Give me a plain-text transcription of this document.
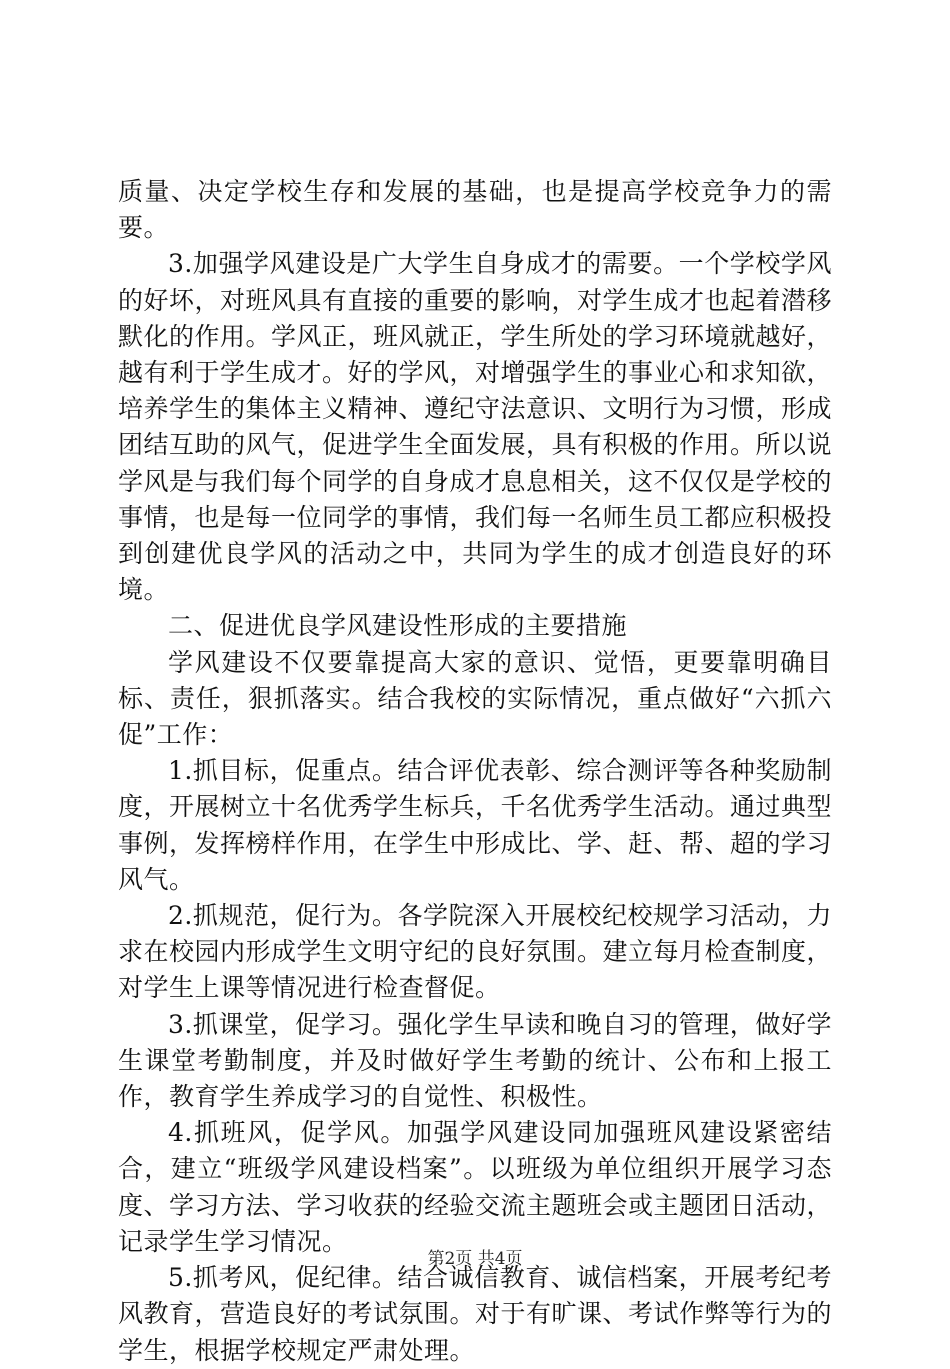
质量、决定学校生存和发展的基础，也是提高学校竞争力的需要。

3.加强学风建设是广大学生自身成才的需要。一个学校学风的好坏，对班风具有直接的重要的影响，对学生成才也起着潜移默化的作用。学风正，班风就正，学生所处的学习环境就越好，越有利于学生成才。好的学风，对增强学生的事业心和求知欲，培养学生的集体主义精神、遵纪守法意识、文明行为习惯，形成团结互助的风气，促进学生全面发展，具有积极的作用。所以说学风是与我们每个同学的自身成才息息相关，这不仅仅是学校的事情，也是每一位同学的事情，我们每一名师生员工都应积极投到创建优良学风的活动之中，共同为学生的成才创造良好的环境。

二、促进优良学风建设性形成的主要措施

学风建设不仅要靠提高大家的意识、觉悟，更要靠明确目标、责任，狠抓落实。结合我校的实际情况，重点做好“六抓六促”工作：

1.抓目标，促重点。结合评优表彰、综合测评等各种奖励制度，开展树立十名优秀学生标兵，千名优秀学生活动。通过典型事例，发挥榜样作用，在学生中形成比、学、赶、帮、超的学习风气。

2.抓规范，促行为。各学院深入开展校纪校规学习活动，力求在校园内形成学生文明守纪的良好氛围。建立每月检查制度，对学生上课等情况进行检查督促。

3.抓课堂，促学习。强化学生早读和晚自习的管理，做好学生课堂考勤制度，并及时做好学生考勤的统计、公布和上报工作，教育学生养成学习的自觉性、积极性。

4.抓班风，促学风。加强学风建设同加强班风建设紧密结合，建立“班级学风建设档案”。以班级为单位组织开展学习态度、学习方法、学习收获的经验交流主题班会或主题团日活动，记录学生学习情况。

5.抓考风，促纪律。结合诚信教育、诚信档案，开展考纪考风教育，营造良好的考试氛围。对于有旷课、考试作弊等行为的学生，根据学校规定严肃处理。

第2页 共4页
